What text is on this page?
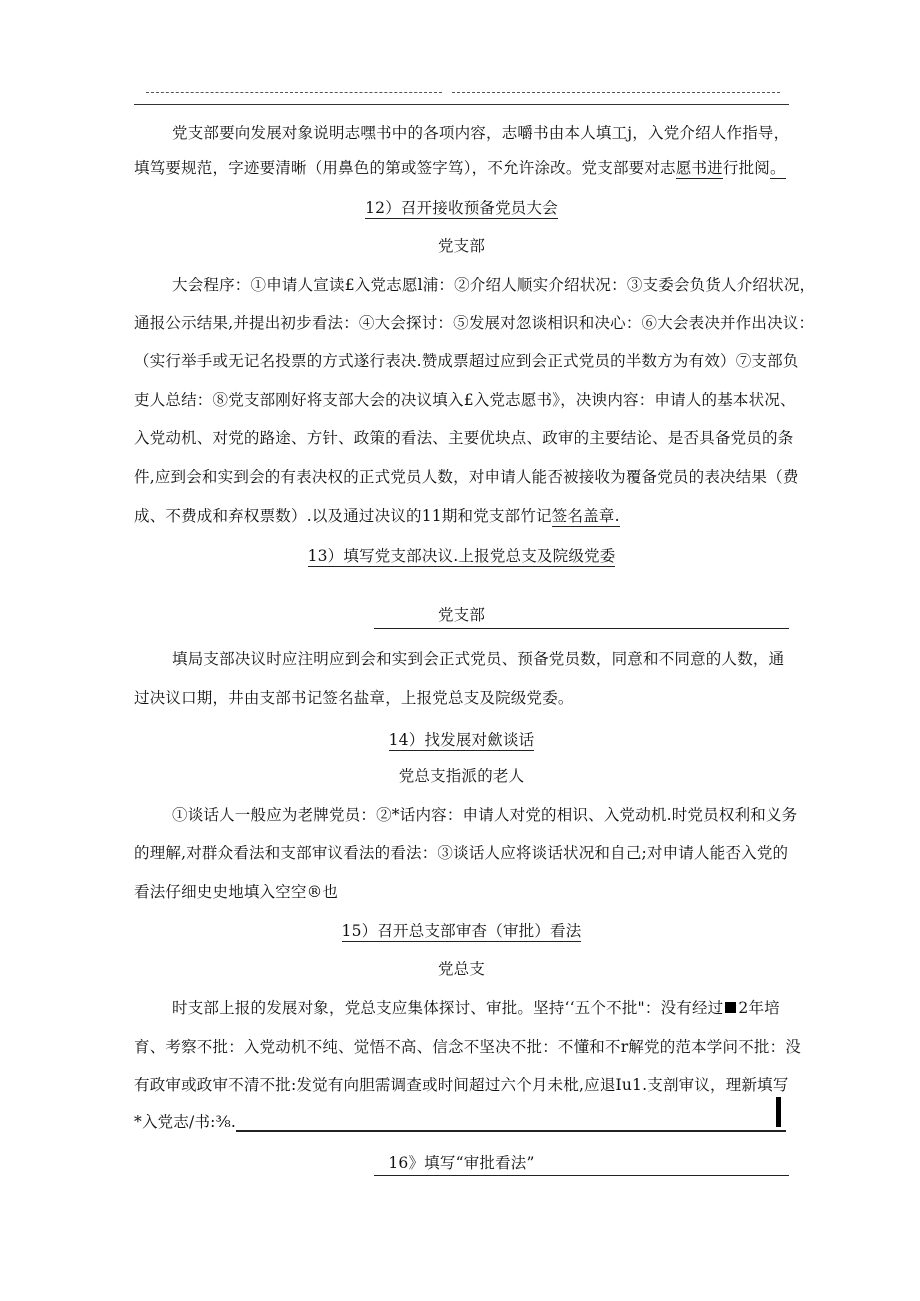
党支部要向发展对象说明志嘿书中的各项内容，志嚼书由本人填工j，入党介绍人作指导，
填笃要规范，字迹要清晰（用鼻色的第或签字笃），不允许涂改。党支部要对志愿书进行批阅。
12）召开接收预备党员大会
党支部
大会程序：①申请人宣读£入党志愿l浦：②介绍人顺实介绍状况：③支委会负货人介绍状况，
通报公示结果,并提出初步看法：④大会探讨：⑤发展对忽谈相识和决心：⑥大会表决并作出决议：
（实行举手或无记名投票的方式遂行表决.赞成票超过应到会正式党员的半数方为有效）⑦支部负
吏人总结：⑧党支部刚好将支部大会的决议填入£入党志愿书》，决谀内容：申请人的基本状况、
入党动机、对党的路途、方针、政策的看法、主要优块点、政审的主要结论、是否具备党员的条
件,应到会和实到会的有表决权的正式党员人数，对申请人能否被接收为覆备党员的表决结果（费
成、不费成和弃权票数）.以及通过决议的11期和党支部竹记签名盖章.
13）填写党支部决议.上报党总支及院级党委
党支部
填局支部决议时应注明应到会和实到会正式党员、预备党员数，同意和不同意的人数，通
过决议口期，井由支部书记签名盐章，上报党总支及院级党委。
14）找发展对歛谈话
党总支指派的老人
①谈话人一般应为老牌党员：②*话内容：申请人对党的相识、入党动机.时党员权利和义务
的理解,对群众看法和支部审议看法的看法：③谈话人应将谈话状况和自己;对申请人能否入党的
看法仔细史史地填入空空®也
15）召开总支部审杳（审批）看法
党总支
时支部上报的发展对象，党总支应集体探讨、审批。坚持‘‘五个不批"：没有经过 2年培
育、考察不批：入党动机不纯、觉悟不高、信念不坚决不批：不懂和不r解党的范本学问不批：没
有政审或政审不清不批:发觉有向胆需调查或时间超过六个月未枇,应退Iu1.支剖审议，理新填写
*入党志/书:⅜.
16》填写“审批看法”
